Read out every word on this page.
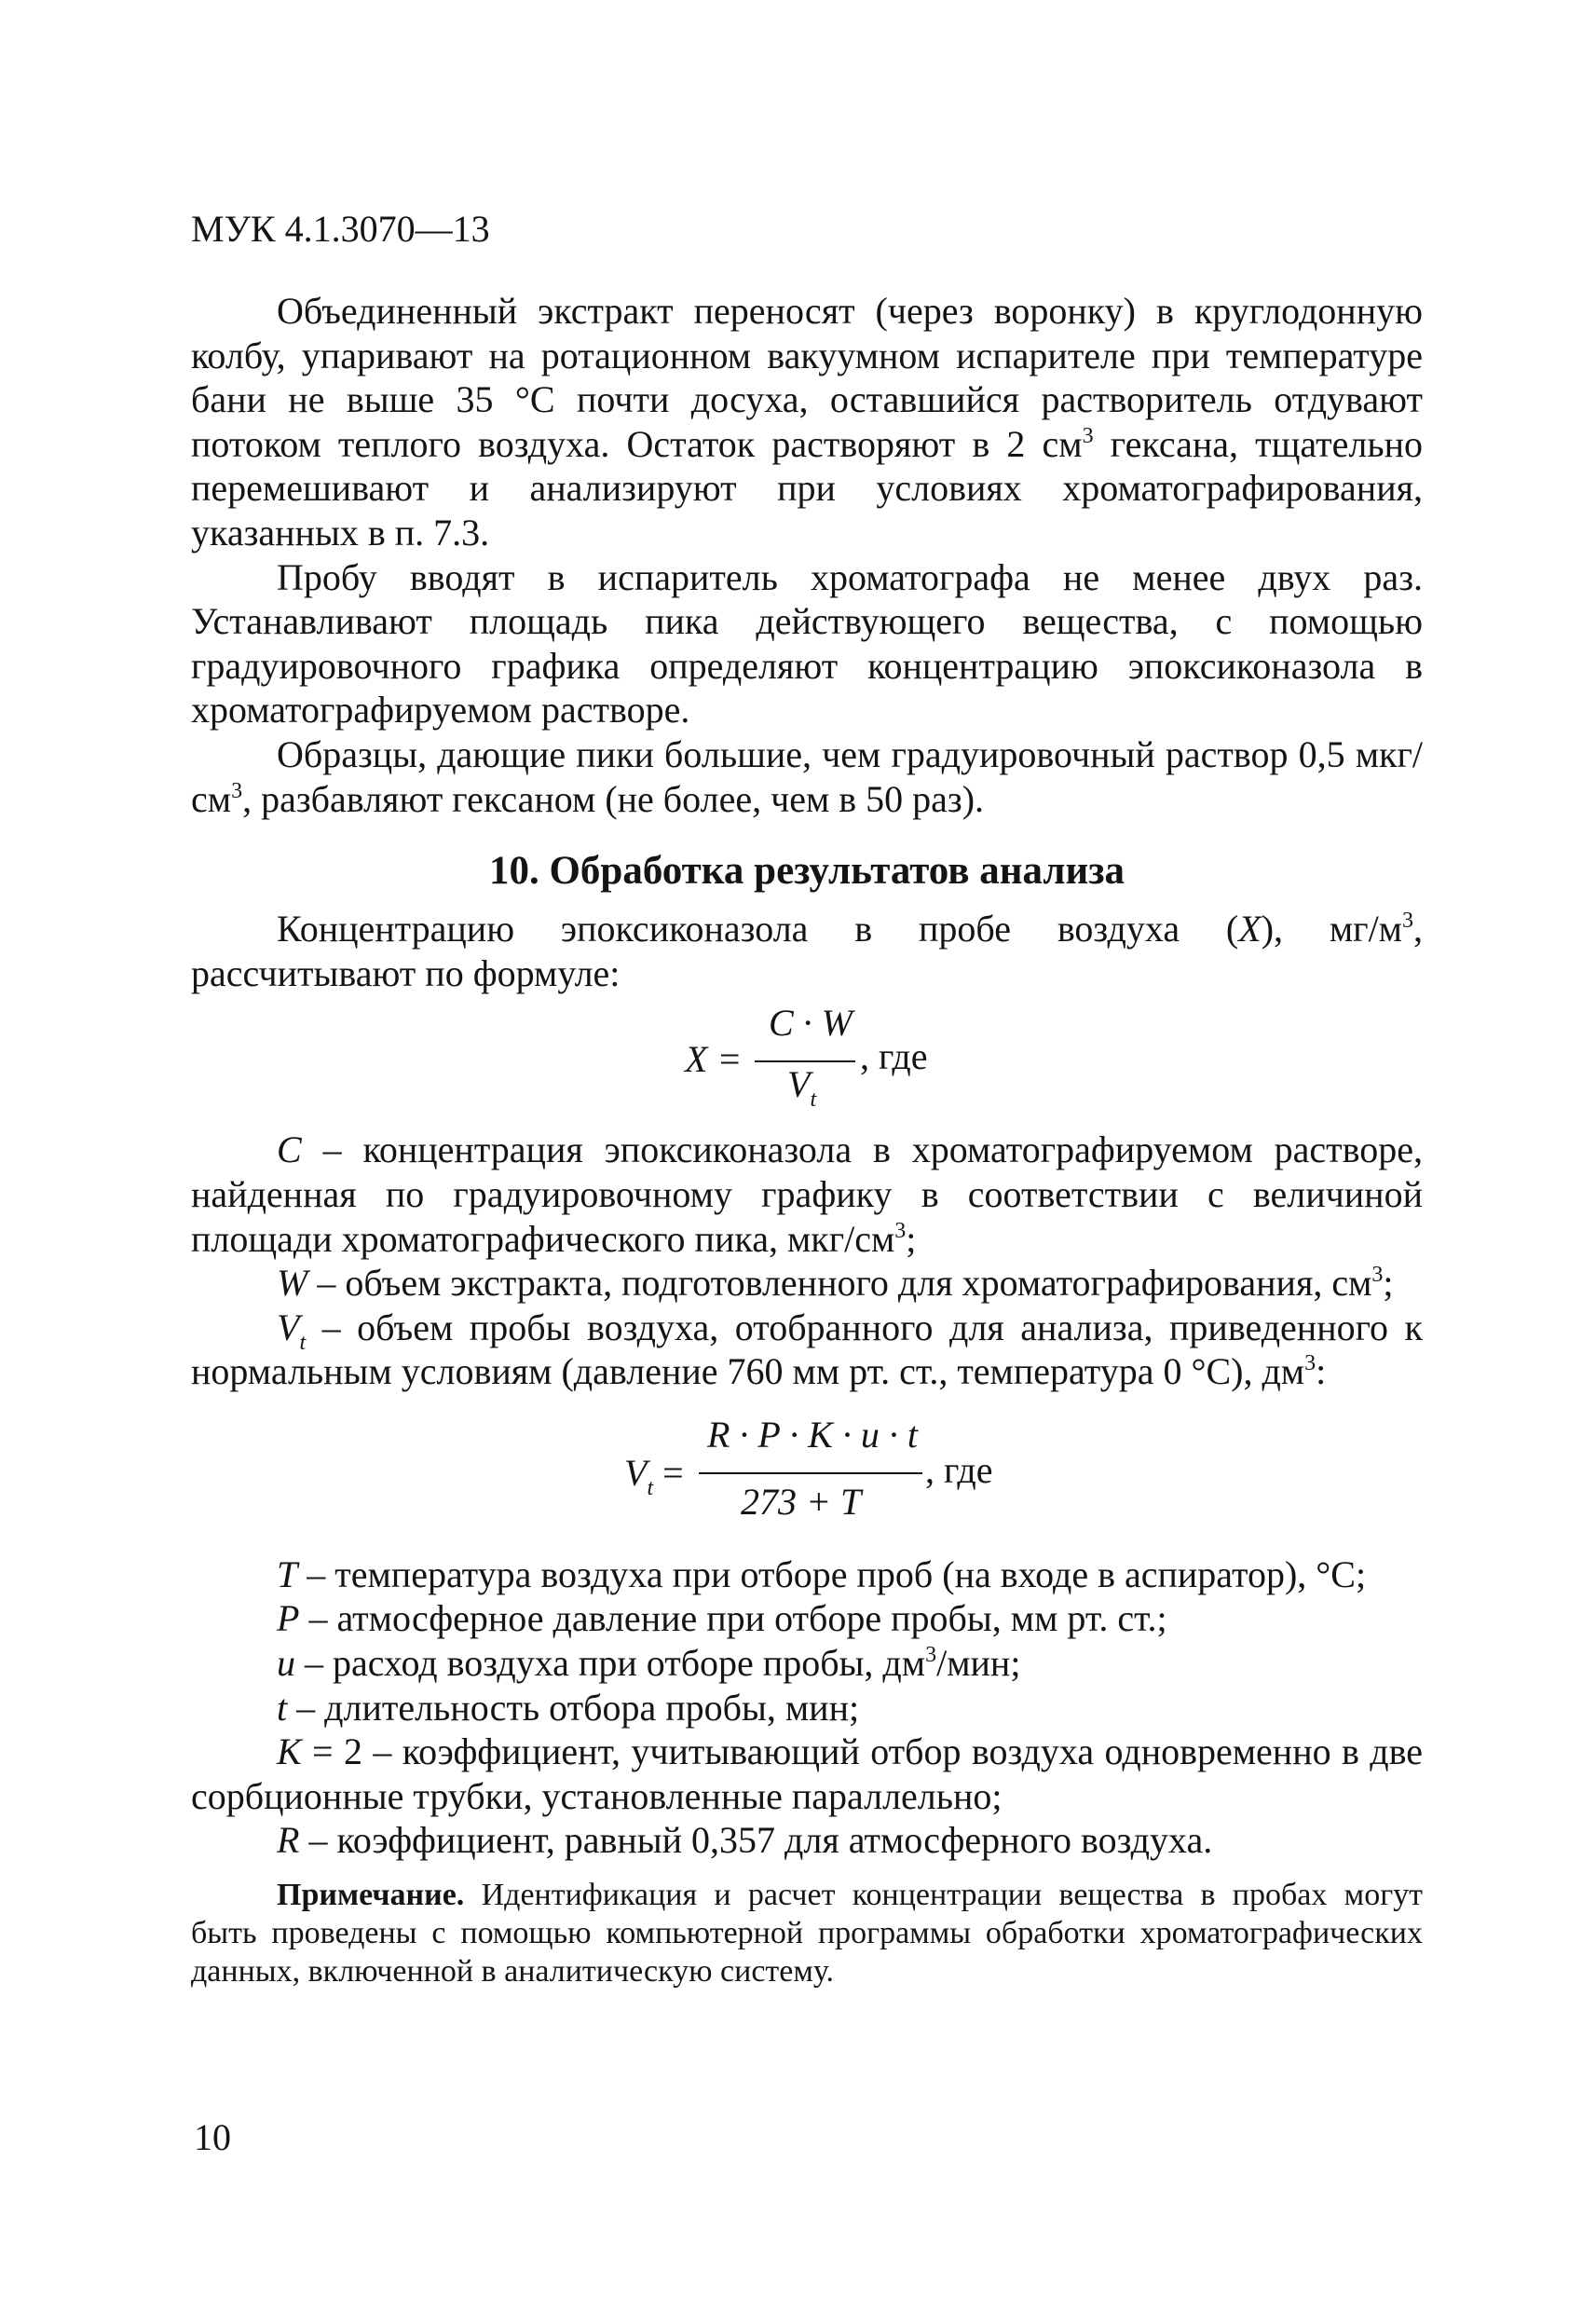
МУК 4.1.3070—13

Объединенный экстракт переносят (через воронку) в круглодонную колбу, упаривают на ротационном вакуумном испарителе при температуре бани не выше 35 °С почти досуха, оставшийся растворитель отдувают потоком теплого воздуха. Остаток растворяют в 2 $см^3$ гексана, тщательно перемешивают и анализируют при условиях хроматографирования, указанных в п. 7.3.

Пробу вводят в испаритель хроматографа не менее двух раз. Устанавливают площадь пика действующего вещества, с помощью градуировочного графика определяют концентрацию эпоксиконазола в хроматографируемом растворе.

Образцы, дающие пики большие, чем градуировочный раствор 0,5 мкг/$см^3$, разбавляют гексаном (не более, чем в 50 раз).

10. Обработка результатов анализа

Концентрацию эпоксиконазола в пробе воздуха (X), $мг/м^3$, рассчитывают по формуле:

X =
C · W
$V_t$
, где

C – концентрация эпоксиконазола в хроматографируемом растворе, найденная по градуировочному графику в соответствии с величиной площади хроматографического пика, мкг/$см^3$;

W – объем экстракта, подготовленного для хроматографирования, $см^3$;

$V_t$ – объем пробы воздуха, отобранного для анализа, приведенного к нормальным условиям (давление 760 мм рт. ст., температура 0 °С), $дм^3$:

$V_t$ =
R · P · K · u · t
273 + T
, где

T – температура воздуха при отборе проб (на входе в аспиратор), °С;

P – атмосферное давление при отборе пробы, мм рт. ст.;

u – расход воздуха при отборе пробы, $дм^3$/мин;

t – длительность отбора пробы, мин;

K = 2 – коэффициент, учитывающий отбор воздуха одновременно в две сорбционные трубки, установленные параллельно;

R – коэффициент, равный 0,357 для атмосферного воздуха.

Примечание. Идентификация и расчет концентрации вещества в пробах могут быть проведены с помощью компьютерной программы обработки хроматографических данных, включенной в аналитическую систему.

10
